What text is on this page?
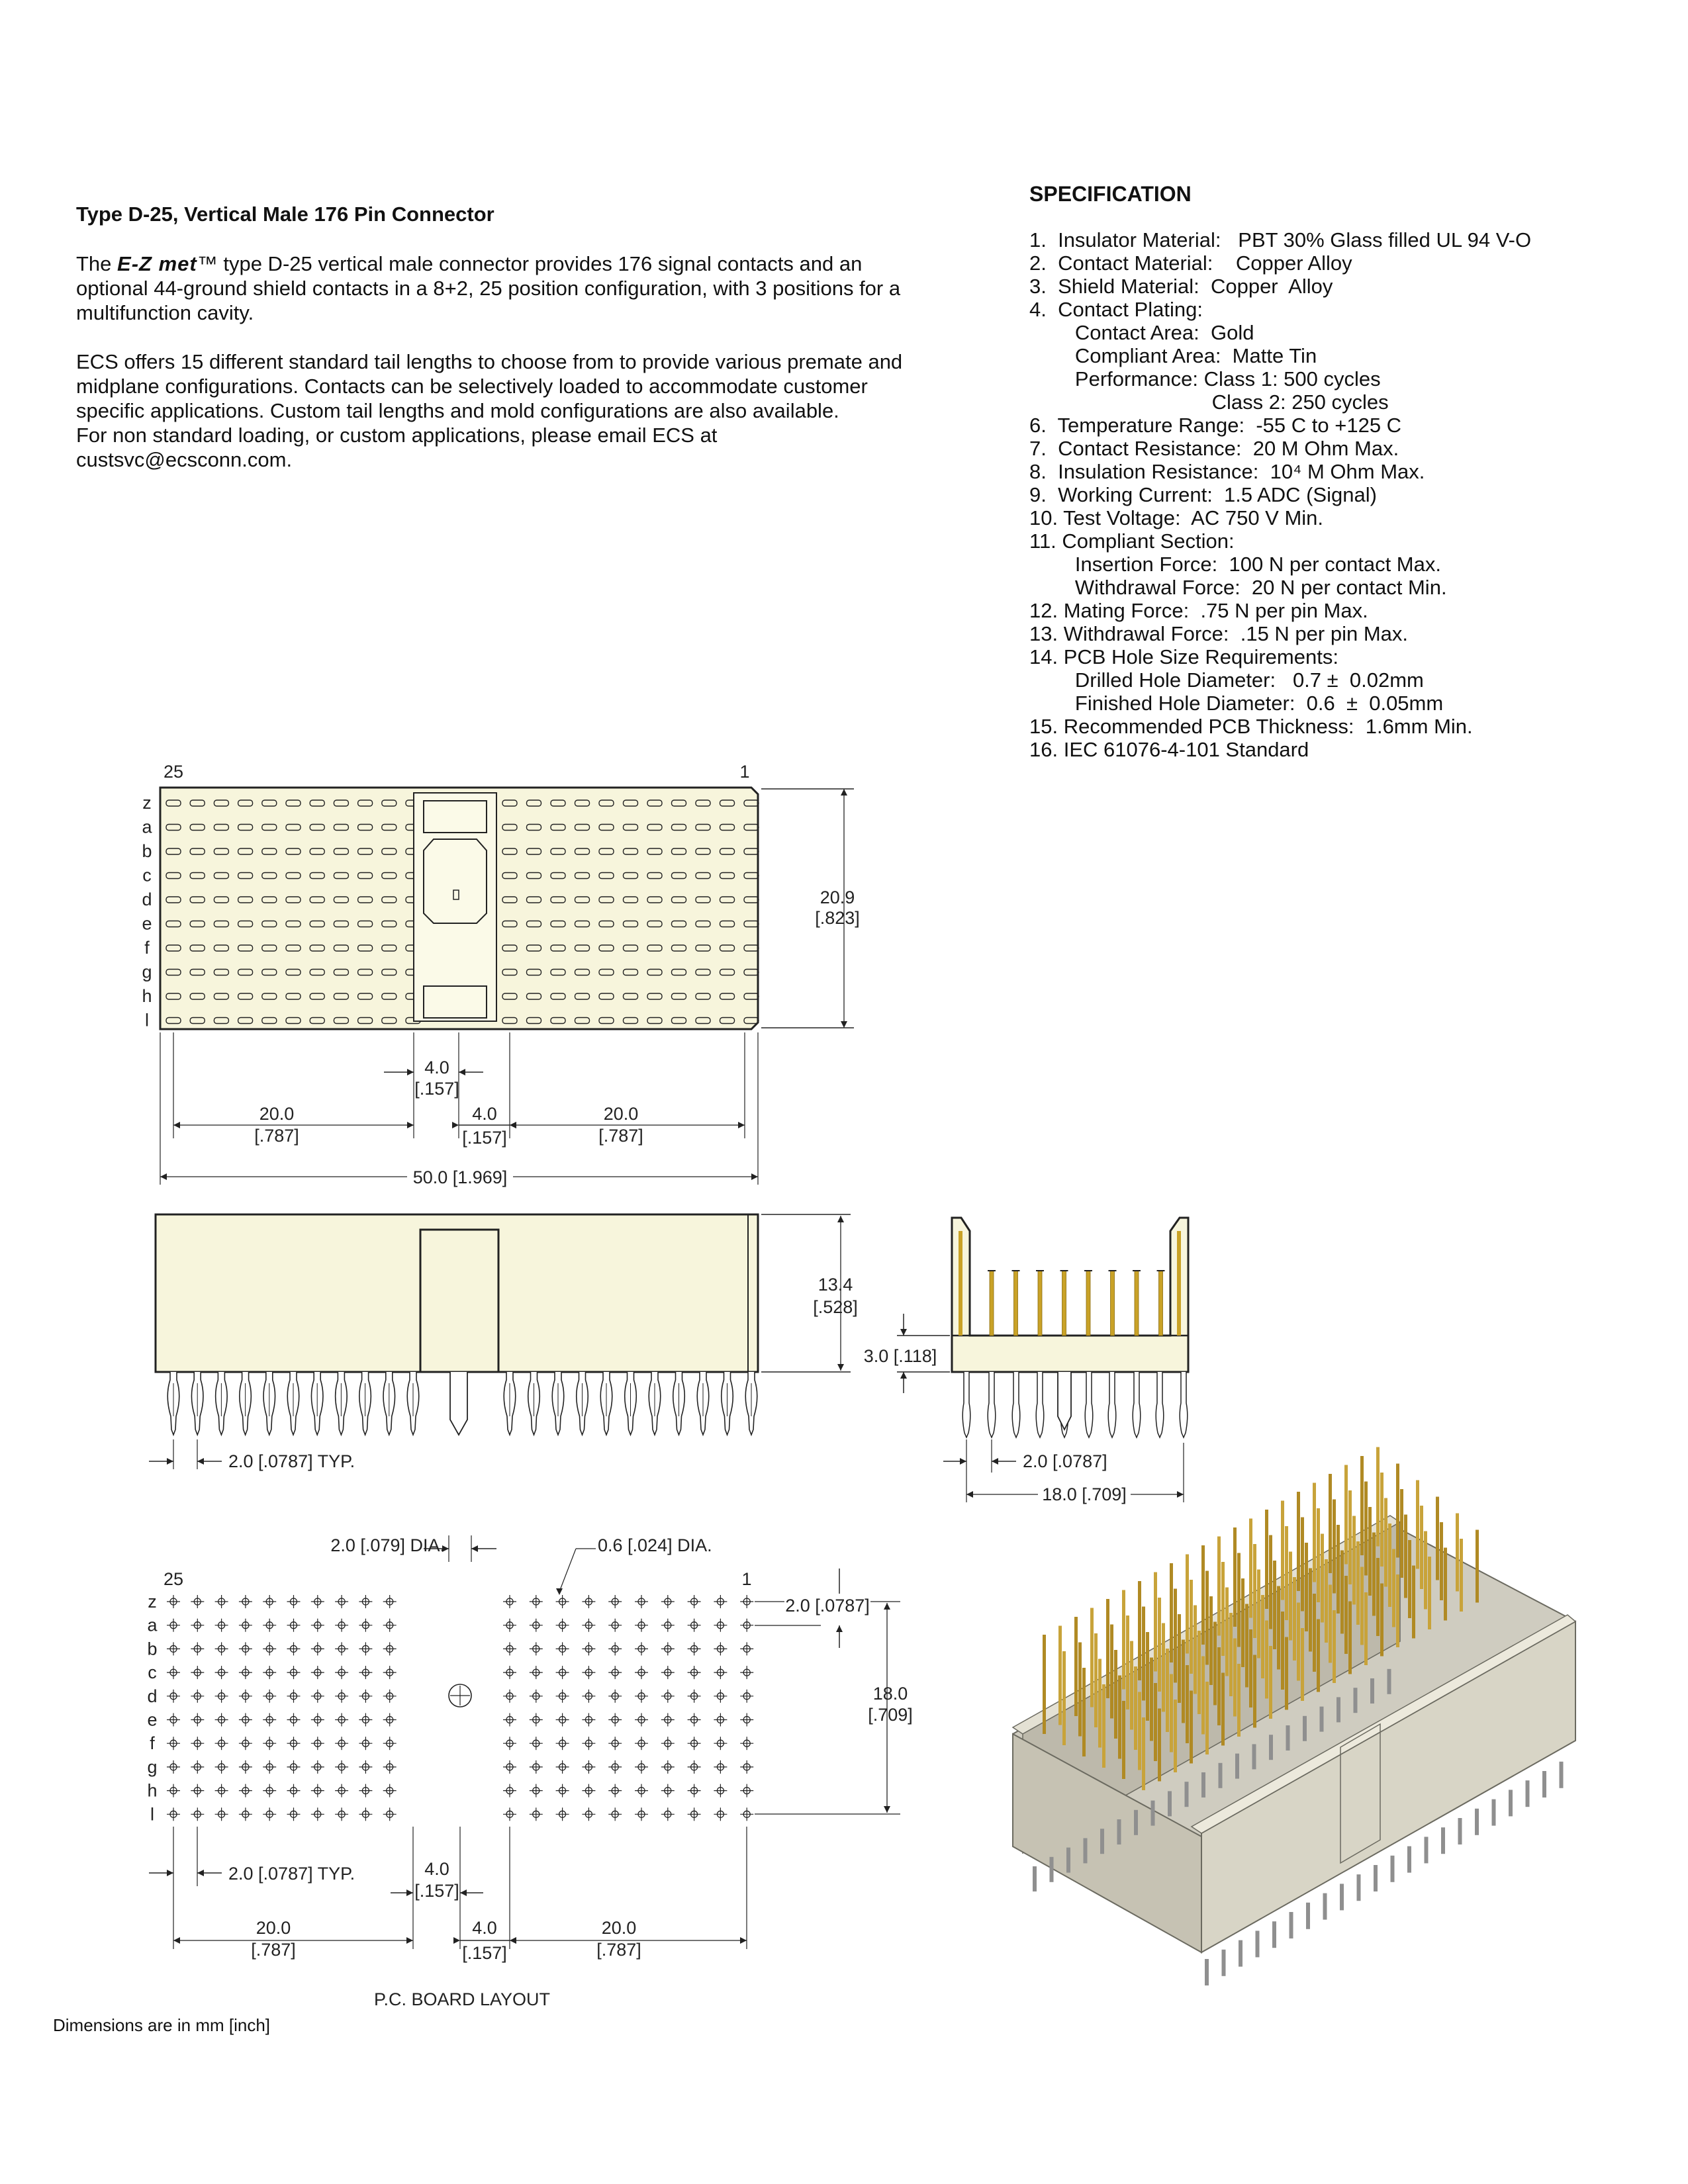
Type D-25, Vertical Male 176 Pin Connector

The E-Z met™ type D-25 vertical male connector provides 176 signal contacts and an optional 44-ground shield contacts in a 8+2, 25 position configuration, with 3 positions for a multifunction cavity.

ECS offers 15 different standard tail lengths to choose from to provide various premate and midplane configurations. Contacts can be selectively loaded to accommodate customer specific applications. Custom tail lengths and mold configurations are also available.
For non standard loading, or custom applications, please email ECS at custsvc@ecsconn.com.

SPECIFICATION
1.  Insulator Material:   PBT 30% Glass filled UL 94 V-O
2.  Contact Material:    Copper Alloy
3.  Shield Material:  Copper  Alloy
4.  Contact Plating:
Contact Area:  Gold
Compliant Area:  Matte Tin
Performance: Class 1: 500 cycles
Class 2: 250 cycles
6.  Temperature Range:  -55 C to +125 C
7.  Contact Resistance:  20 M Ohm Max.
8.  Insulation Resistance:  10⁴ M Ohm Max.
9.  Working Current:  1.5 ADC (Signal)
10. Test Voltage:  AC 750 V Min.
11. Compliant Section:
Insertion Force:  100 N per contact Max.
Withdrawal Force:  20 N per contact Min.
12. Mating Force:  .75 N per pin Max.
13. Withdrawal Force:  .15 N per pin Max.
14. PCB Hole Size Requirements:
Drilled Hole Diameter:   0.7 ±  0.02mm
Finished Hole Diameter:  0.6  ±  0.05mm
15. Recommended PCB Thickness:  1.6mm Min.
16. IEC 61076-4-101 Standard
25	1
z
a
b
c
d
e
f
g
h
l
20.9
[.823]
4.0
[.157]
20.0
[.787]
4.0
[.157]
20.0
[.787]
50.0 [1.969]
13.4
[.528]
2.0 [.0787] TYP.
3.0 [.118]
2.0 [.0787]
18.0 [.709]
25	1
z
a
b
c
d
e
f
g
h
l
2.0 [.079] DIA.	0.6 [.024] DIA.
2.0 [.0787]
18.0
[.709]
2.0 [.0787] TYP.	4.0
[.157]
20.0
[.787]
4.0
[.157]
20.0
[.787]
P.C. BOARD LAYOUT
Dimensions are in mm [inch]
